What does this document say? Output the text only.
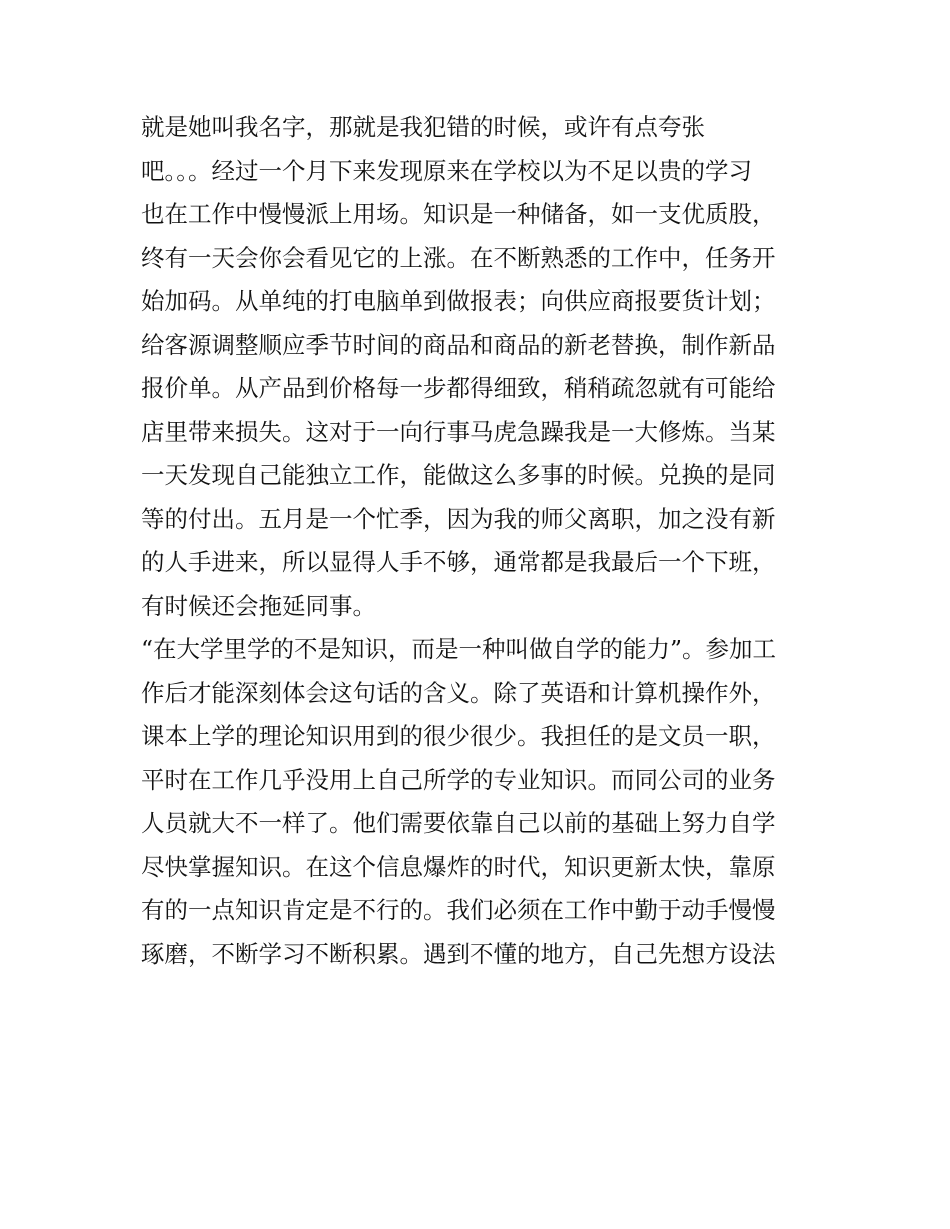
就是她叫我名字，那就是我犯错的时候，或许有点夸张
吧。。。经过一个月下来发现原来在学校以为不足以贵的学习
也在工作中慢慢派上用场。知识是一种储备，如一支优质股，
终有一天会你会看见它的上涨。在不断熟悉的工作中，任务开
始加码。从单纯的打电脑单到做报表；向供应商报要货计划；
给客源调整顺应季节时间的商品和商品的新老替换，制作新品
报价单。从产品到价格每一步都得细致，稍稍疏忽就有可能给
店里带来损失。这对于一向行事马虎急躁我是一大修炼。当某
一天发现自己能独立工作，能做这么多事的时候。兑换的是同
等的付出。五月是一个忙季，因为我的师父离职，加之没有新
的人手进来，所以显得人手不够，通常都是我最后一个下班，
有时候还会拖延同事。
“在大学里学的不是知识，而是一种叫做自学的能力”。参加工
作后才能深刻体会这句话的含义。除了英语和计算机操作外，
课本上学的理论知识用到的很少很少。我担任的是文员一职，
平时在工作几乎没用上自己所学的专业知识。而同公司的业务
人员就大不一样了。他们需要依靠自己以前的基础上努力自学
尽快掌握知识。在这个信息爆炸的时代，知识更新太快，靠原
有的一点知识肯定是不行的。我们必须在工作中勤于动手慢慢
琢磨，不断学习不断积累。遇到不懂的地方，自己先想方设法
